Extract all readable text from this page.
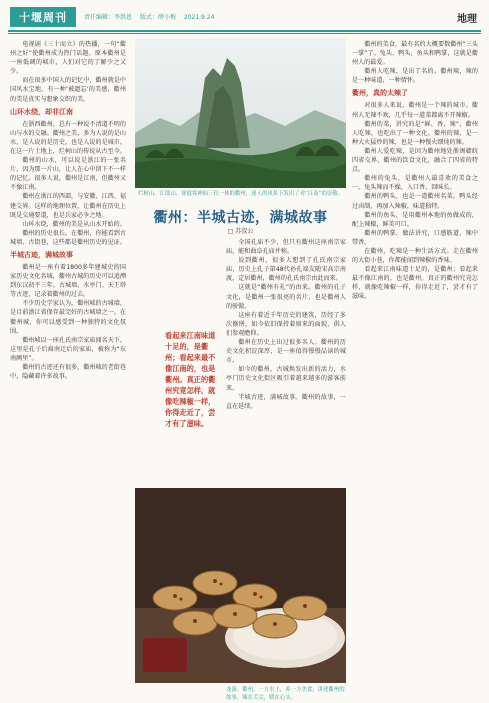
十堰周刊	责任编辑：李洪恩 版式：薛小梅 2021.9.24	地理

电视剧《三十而立》的热播，一句“衢州之好”使衢州成为热门话题。原本衢州是一座低调的城市，人们对它的了解少之又少。

而在很多中国人的记忆中，衢州就是中国风水宝地，有一种‘被遗忘’的美感，衢州的美是真实与想象交织的美。

山环水绕，却非江南

在浙西衢州，总有一种说不清道不明的山与水的交融。衢州之美，多为人说的是山水，是人说的是历史，也是人说的是城市。在这一片土地上，烂柯山的传说从古至今。

衢州的山水，可以说是浙江的一张名片，因为那一片山，让人在心中留下不一样的记忆。很多人说，衢州是江南，但衢州又不像江南。

衢州在浙江的西部，与安徽、江西、福建交界。这样的地理位置，让衢州在历史上既是交通要道，也是兵家必争之地。

山环水绕，衢州的美是从山水开始的。

衢州的历史很长。在衢州，你能看到古城墙、古街巷，这些都是衢州历史的见证。

半城古迹，满城故事

衢州是一座有着1800多年建城史的国家历史文化名城，衢州古城的历史可以追溯到东汉初平三年。古城墙、水亭门、天王塔等古迹，记录着衢州的过去。

不少历史学家认为，衢州城的古城墙，是目前浙江省保存最完好的古城墙之一。在衢州城，你可以感受到一种独特的文化氛围。

衢州城以一座孔氏南宗家庙闻名天下，这里是孔子后裔南迁后的家庙，被称为“东南阙里”。

衢州的古迹还有很多，衢州城的老街巷中，隐藏着许多故事。

烂柯山、江郎山、徐霞客神仙三位一体的衢州，迷人的风景下发出了对“江南”的崇敬。
衢州：半城古迹，满城故事
□ 苏叔公
看起来江南味道十足的，是衢州；看起来最不像江南的，也是衢州。真正的衢州究竟怎样，就像吃辣椒一样，你得走近了，尝才有了滋味。

全国孔庙不少，但只有衢州这座南宗家庙，能和曲阜孔庙并称。

说到衢州，很多人想到了孔氏南宗家庙，历史上孔子第48代孙孔端友随宋高宗南渡，定居衢州，衢州的孔氏南宗由此而来。

这就是“衢州有礼”的由来。衢州的孔子文化，是衢州一张很亮的名片，也是衢州人的骄傲。

这座有着近千年历史的建筑，历经了多次修缮，如今依旧保持着原来的面貌，供人们参观瞻仰。

衢州在历史上出过很多名人。衢州的历史文化积淀深厚，是一座值得慢慢品读的城市。

如今的衢州，古城焕发出新的活力，水亭门历史文化街区吸引着越来越多的游客前来。

半城古迹，满城故事。衢州的故事，一直在延续。

衢州的美食，最有名的大概要数衢州“三头一掌”了。兔头、鸭头、鱼头和鸭掌，这就是衢州人的最爱。

衢州人吃辣，是出了名的。衢州辣，辣的是一种味道，一种情怀。

衢州，真的太辣了

对很多人来说，衢州是一个辣的城市。衢州人无辣不欢，几乎每一道菜都离不开辣椒。

衢州的菜，讲究的是“鲜、香、辣”，衢州人吃辣，也吃出了一种文化。衢州的辣，是一种大火猛炒的辣，也是一种慢火细炖的辣。

衢州人爱吃辣，是因为衢州地处浙闽赣皖四省交界，衢州的饮食文化，融合了四省的特点。

衢州的兔头，是衢州人最喜欢的美食之一。兔头辣而不燥，入口香、回味长。

衢州的鸭头，也是一道衢州名菜。鸭头经过卤制，再加入辣椒，味道独特。

衢州的鱼头，是用衢州本地的鱼做成的，配上辣椒，鲜美可口。

衢州的鸭掌，做法讲究，口感筋道，辣中带香。

在衢州，吃辣是一种生活方式。走在衢州的大街小巷，你都能闻到辣椒的香味。

看起来江南味道十足的，是衢州；看起来最不像江南的，也是衢州。真正的衢州究竟怎样，就像吃辣椒一样，你得走近了，尝才有了滋味。

龙游、衢州，一方水土，养一方美食，讲述衢州的故事，辣在舌尖，暖在心头。
